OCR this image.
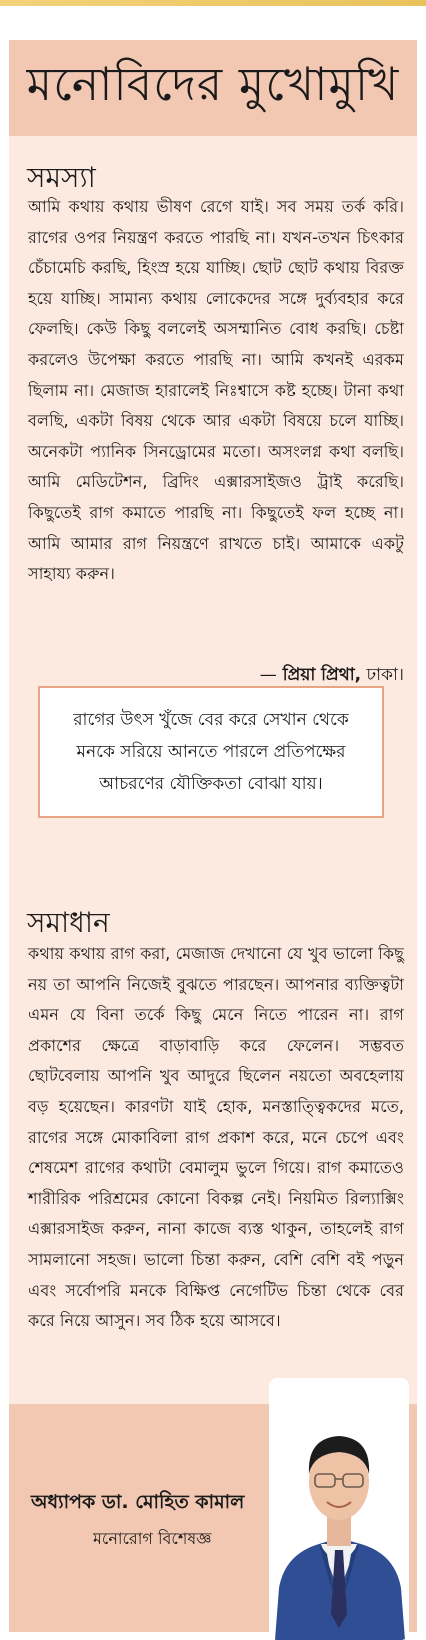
মনোবিদের মুখোমুখি
সমস্যা
আমি কথায় কথায় ভীষণ রেগে যাই। সব সময় তর্ক করি। রাগের ওপর নিয়ন্ত্রণ করতে পারছি না। যখন-তখন চিৎকার চেঁচামেচি করছি, হিংস্র হয়ে যাচ্ছি। ছোট ছোট কথায় বিরক্ত হয়ে যাচ্ছি। সামান্য কথায় লোকেদের সঙ্গে দুর্ব্যবহার করে ফেলছি। কেউ কিছু বললেই অসম্মানিত বোধ করছি। চেষ্টা করলেও উপেক্ষা করতে পারছি না। আমি কখনই এরকম ছিলাম না। মেজাজ হারালেই নিঃশ্বাসে কষ্ট হচ্ছে। টানা কথা বলছি, একটা বিষয় থেকে আর একটা বিষয়ে চলে যাচ্ছি। অনেকটা প্যানিক সিনড্রোমের মতো। অসংলগ্ন কথা বলছি। আমি মেডিটেশন, ব্রিদিং এক্সারসাইজও ট্রাই করেছি। কিছুতেই রাগ কমাতে পারছি না। কিছুতেই ফল হচ্ছে না। আমি আমার রাগ নিয়ন্ত্রণে রাখতে চাই। আমাকে একটু সাহায্য করুন।
— প্রিয়া প্রিথা, ঢাকা।
রাগের উৎস খুঁজে বের করে সেখান থেকে মনকে সরিয়ে আনতে পারলে প্রতিপক্ষের আচরণের যৌক্তিকতা বোঝা যায়।
সমাধান
কথায় কথায় রাগ করা, মেজাজ দেখানো যে খুব ভালো কিছু নয় তা আপনি নিজেই বুঝতে পারছেন। আপনার ব্যক্তিত্বটা এমন যে বিনা তর্কে কিছু মেনে নিতে পারেন না। রাগ প্রকাশের ক্ষেত্রে বাড়াবাড়ি করে ফেলেন। সম্ভবত ছোটবেলায় আপনি খুব আদুরে ছিলেন নয়তো অবহেলায় বড় হয়েছেন। কারণটা যাই হোক, মনস্তাত্ত্বিকদের মতে, রাগের সঙ্গে মোকাবিলা রাগ প্রকাশ করে, মনে চেপে এবং শেষমেশ রাগের কথাটা বেমালুম ভুলে গিয়ে। রাগ কমাতেও শারীরিক পরিশ্রমের কোনো বিকল্প নেই। নিয়মিত রিল্যাক্সিং এক্সারসাইজ করুন, নানা কাজে ব্যস্ত থাকুন, তাহলেই রাগ সামলানো সহজ। ভালো চিন্তা করুন, বেশি বেশি বই পড়ুন এবং সর্বোপরি মনকে বিক্ষিপ্ত নেগেটিভ চিন্তা থেকে বের করে নিয়ে আসুন। সব ঠিক হয়ে আসবে।
অধ্যাপক ডা. মোহিত কামাল
মনোরোগ বিশেষজ্ঞ
